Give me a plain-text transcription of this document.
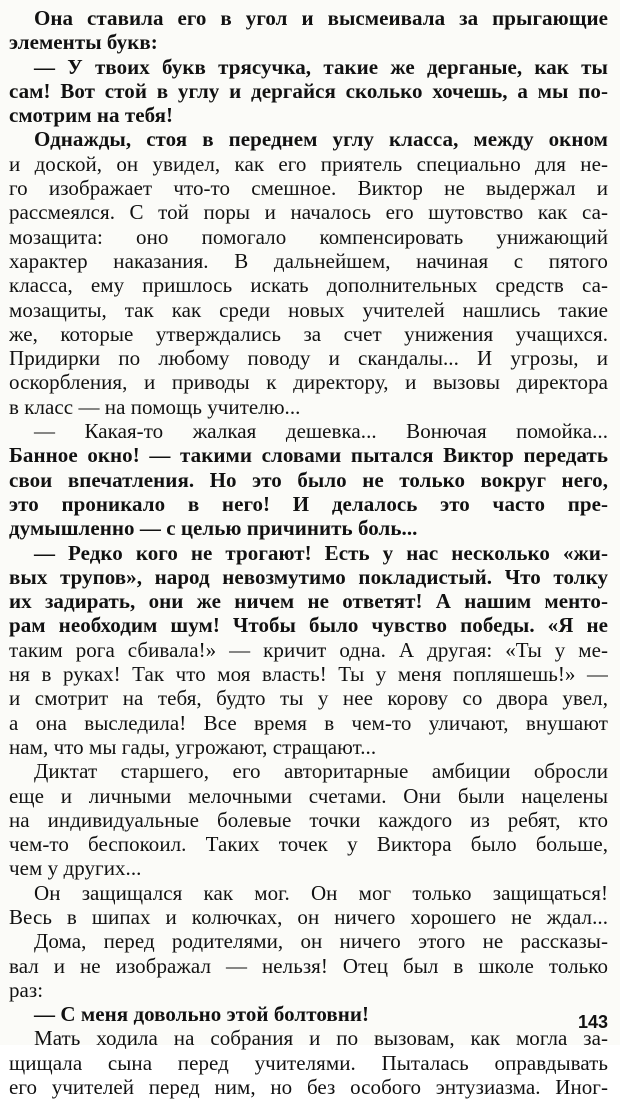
Она ставила его в угол и высмеивала за прыгающие
элементы букв:
— У твоих букв трясучка, такие же дерганые, как ты
сам! Вот стой в углу и дергайся сколько хочешь, а мы по-
смотрим на тебя!
Однажды, стоя в переднем углу класса, между окном
и доской, он увидел, как его приятель специально для не-
го изображает что-то смешное. Виктор не выдержал и
рассмеялся. С той поры и началось его шутовство как са-
мозащита: оно помогало компенсировать унижающий
характер наказания. В дальнейшем, начиная с пятого
класса, ему пришлось искать дополнительных средств са-
мозащиты, так как среди новых учителей нашлись такие
же, которые утверждались за счет унижения учащихся.
Придирки по любому поводу и скандалы... И угрозы, и
оскорбления, и приводы к директору, и вызовы директора
в класс — на помощь учителю...
— Какая-то жалкая дешевка... Вонючая помойка...
Банное окно! — такими словами пытался Виктор передать
свои впечатления. Но это было не только вокруг него,
это проникало в него! И делалось это часто пре-
думышленно — с целью причинить боль...
— Редко кого не трогают! Есть у нас несколько «жи-
вых трупов», народ невозмутимо покладистый. Что толку
их задирать, они же ничем не ответят! А нашим менто-
рам необходим шум! Чтобы было чувство победы. «Я не
таким рога сбивала!» — кричит одна. А другая: «Ты у ме-
ня в руках! Так что моя власть! Ты у меня попляшешь!» —
и смотрит на тебя, будто ты у нее корову со двора увел,
а она выследила! Все время в чем-то уличают, внушают
нам, что мы гады, угрожают, стращают...
Диктат старшего, его авторитарные амбиции обросли
еще и личными мелочными счетами. Они были нацелены
на индивидуальные болевые точки каждого из ребят, кто
чем-то беспокоил. Таких точек у Виктора было больше,
чем у других...
Он защищался как мог. Он мог только защищаться!
Весь в шипах и колючках, он ничего хорошего не ждал...
Дома, перед родителями, он ничего этого не рассказы-
вал и не изображал — нельзя! Отец был в школе только
раз:
— С меня довольно этой болтовни!
Мать ходила на собрания и по вызовам, как могла за-
щищала сына перед учителями. Пыталась оправдывать
его учителей перед ним, но без особого энтузиазма. Иног-
143
